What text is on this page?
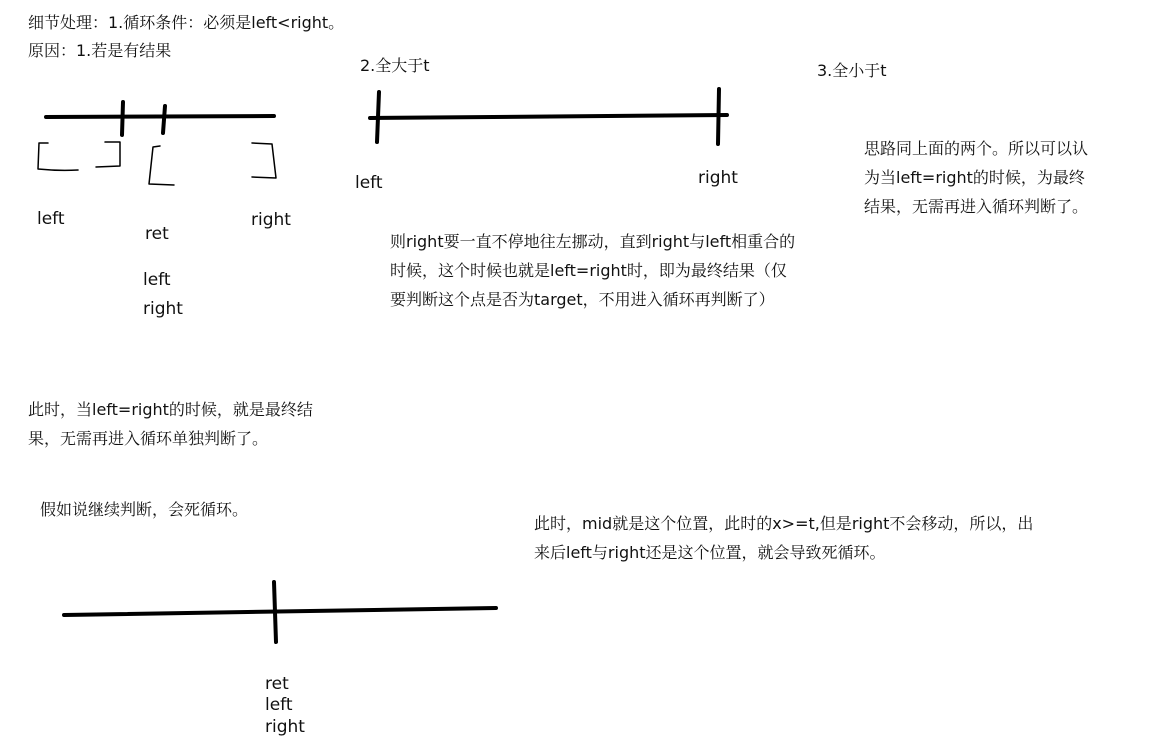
细节处理：1.循环条件：必须是left<right。
原因：1.若是有结果
2.全大于t	3.全小于t
思路同上面的两个。所以可以认
为当left=right的时候，为最终
结果，无需再进入循环判断了。
则right要一直不停地往左挪动，直到right与left相重合的
时候，这个时候也就是left=right时，即为最终结果（仅
要判断这个点是否为target，不用进入循环再判断了）
此时，当left=right的时候，就是最终结
果，无需再进入循环单独判断了。
假如说继续判断，会死循环。
此时，mid就是这个位置，此时的x>=t,但是right不会移动，所以，出
来后left与right还是这个位置，就会导致死循环。
left
ret
right
left
right
left	right
ret
left
right
